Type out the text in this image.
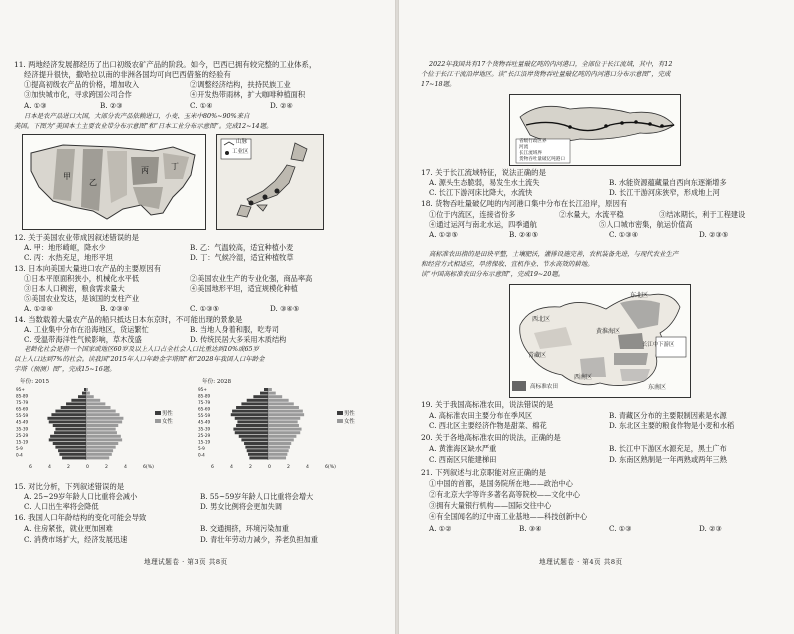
11. 两地经济发展都经历了出口初级农矿产品的阶段。如今，巴西已拥有较完整的工业体系，
经济提升很快，撒哈拉以南的非洲各国均可向巴西借鉴的经验有
①提高初级农产品的价格，增加收入	②调整经济结构，扶持民族工业
③加快城市化，寻求跨国公司合作	④开发热带雨林，扩大咖啡种植面积
A. ①③	B. ②③	C. ①④	D. ②④
日本是农产品进口大国，大部分农产品依赖进口，小麦、玉米中80%~90%来自
美国。下图为“美国本土主要农业带分布示意图”和“日本工业分布示意图”。完成12~14题。
甲
乙
丙	丁
山脉
工业区
12. 关于美国农业带成因叙述错误的是
A. 甲：地形崎岖，降水少	B. 乙：气温较高，适宜种植小麦
C. 丙：水热充足，地形平坦	D. 丁：气候冷湿，适宜种植牧草
13. 日本向美国大量进口农产品的主要原因有
①日本平原面积狭小，机械化水平低	②美国农业生产的专业化强，商品率高
③日本人口稠密，粮食需求量大	④美国地形平坦，适宜规模化种植
⑤美国农业发达，是该国的支柱产业
A. ①②④	B. ②③④	C. ①③⑤	D. ③④⑤
14. 当数载着大量农产品的船只抵达日本东京时，不可能出现的景象是
A. 工业集中分布在沿海地区，货运繁忙	B. 当地人身着和服，吃寿司
C. 受温带海洋性气候影响，草木茂盛	D. 传统民居大多采用木质结构
老龄化社会是指一个国家或地区60岁及以上人口占全社会人口比重达到10%或65岁
以上人口达到7%的社会。读我国“2015年人口年龄金字塔图”和“2028年我国人口年龄金
字塔（预测）图”，完成15~16题。
年份: 2015
95+
85-89
75-79
65-69
55-59
45-49
35-39
25-29
15-19
5-9
0-4
6	4	2	0	2	4	6(%)
男性
女性
年份: 2028
95+
85-89
75-79
65-69
55-59
45-49
35-39
25-29
15-19
5-9
0-4
6	4	2	0	2	4	6(%)
男性
女性
15. 对比分析，下列叙述错误的是
A. 25~29岁年龄人口比重将会减小	B. 55~59岁年龄人口比重将会增大
C. 人口出生率将会降低	D. 男女比例将会更加失调
16. 我国人口年龄结构的变化可能会导致
A. 住房紧张，就业更加困难	B. 交通拥挤，环境污染加重
C. 消费市场扩大，经济发展迅速	D. 青壮年劳动力减少，养老负担加重
地理试题卷 · 第3页 共8页
2022年我国共有17个货物吞吐量破亿吨的内河港口，全部位于长江流域，其中，有12
个位于长江干流沿岸地区。读“长江沿岸货物吞吐量破亿吨的内河港口分布示意图”，完成
17~18题。
省级行政区界
河流
长江流域界
货物吞吐量破亿吨港口
17. 关于长江流域特征，说法正确的是
A. 源头生态脆弱，易发生水土流失	B. 水能资源蕴藏量自西向东逐渐增多
C. 长江下游河床比降大，水流快	D. 长江干游河床狭窄，形成地上河
18. 货物吞吐量破亿吨的内河港口集中分布在长江沿岸，原因有
①位于内流区，连接省份多	②水量大，水流平稳	③结冰期长，利于工程建设
④通过运河与南北水运，四季通航	⑤人口城市密集，航运价值高
A. ①②⑤	B. ②④⑤	C. ①③④	D. ②③⑤
高标准农田指的是田块平整，土壤肥沃，灌排设施完善，农机装备先进，与现代农业生产
和经营方式相适应，旱涝保收、宜机作业、节水高效的耕地。
读“中国高标准农田分布示意图”，完成19~20题。
东北区
西北区
黄淮海区
青藏区
长江中下游区
西南区
东南区
高标准农田
19. 关于我国高标准农田，说法错误的是
A. 高标准农田主要分布在季风区	B. 青藏区分布的主要限制因素是水源
C. 西北区主要经济作物是甜菜、棉花	D. 东北区主要的粮食作物是小麦和水稻
20. 关于各地高标准农田的说法，正确的是
A. 黄淮海区缺水严重	B. 长江中下游区水源充足，黑土广布
C. 西南区只能建梯田	D. 东南区熟制是一年两熟或两年三熟
21. 下列叙述与北京职能对应正确的是
①中国的首都，是国务院所在地——政治中心
②有北京大学等许多著名高等院校——文化中心
③拥有大量银行机构——国际交往中心
④有全国闻名的辽中南工业基地——科技创新中心
A. ①②	B. ③④	C. ①③	D. ②③
地理试题卷 · 第4页 共8页
